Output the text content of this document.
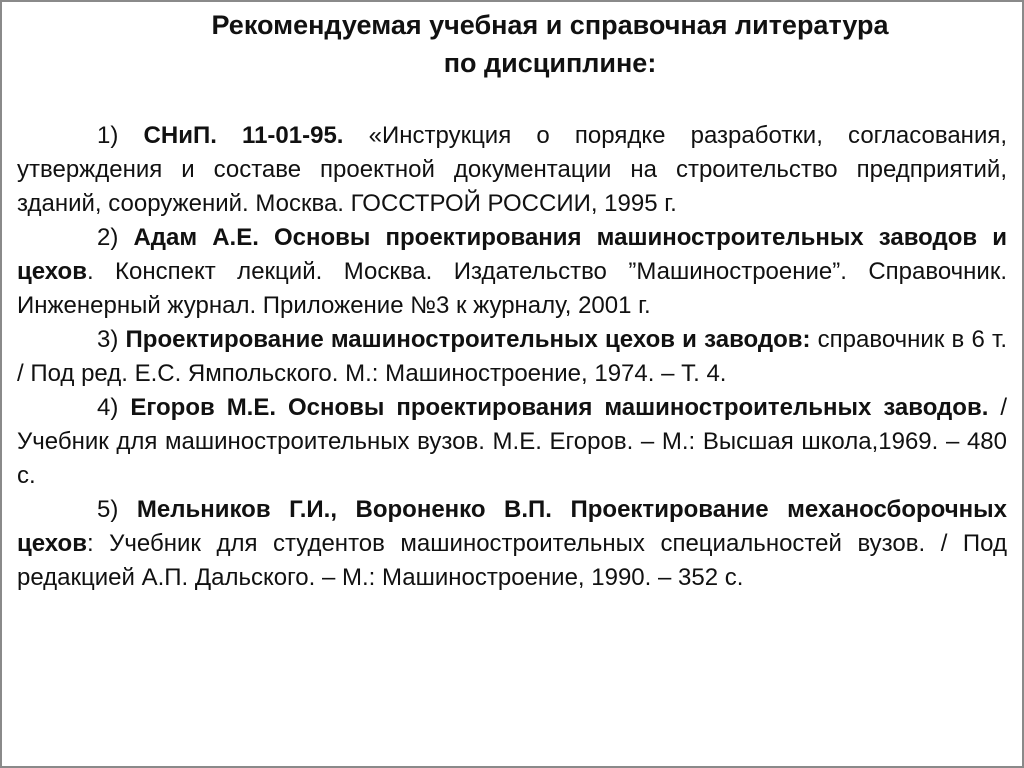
Рекомендуемая учебная и справочная литература
по дисциплине:

1) СНиП. 11-01-95. «Инструкция о порядке разработки, согласования, утверждения и составе проектной документации на строительство предприятий, зданий, сооружений. Москва. ГОССТРОЙ РОССИИ, 1995 г.

2) Адам А.Е. Основы проектирования машиностроительных заводов и цехов. Конспект лекций. Москва. Издательство ”Машиностроение”. Справочник. Инженерный журнал. Приложение №3 к журналу, 2001 г.

3) Проектирование машиностроительных цехов и заводов: справочник в 6 т. / Под ред. Е.С. Ямпольского. М.: Машиностроение, 1974. – Т. 4.

4) Егоров М.Е. Основы проектирования машиностроительных заводов. / Учебник для машиностроительных вузов. М.Е. Егоров. – М.: Высшая школа,1969. – 480 с.

5) Мельников Г.И., Вороненко В.П. Проектирование механосборочных цехов: Учебник для студентов машиностроительных специальностей вузов. / Под редакцией А.П. Дальского. – М.: Машиностроение, 1990. – 352 с.
